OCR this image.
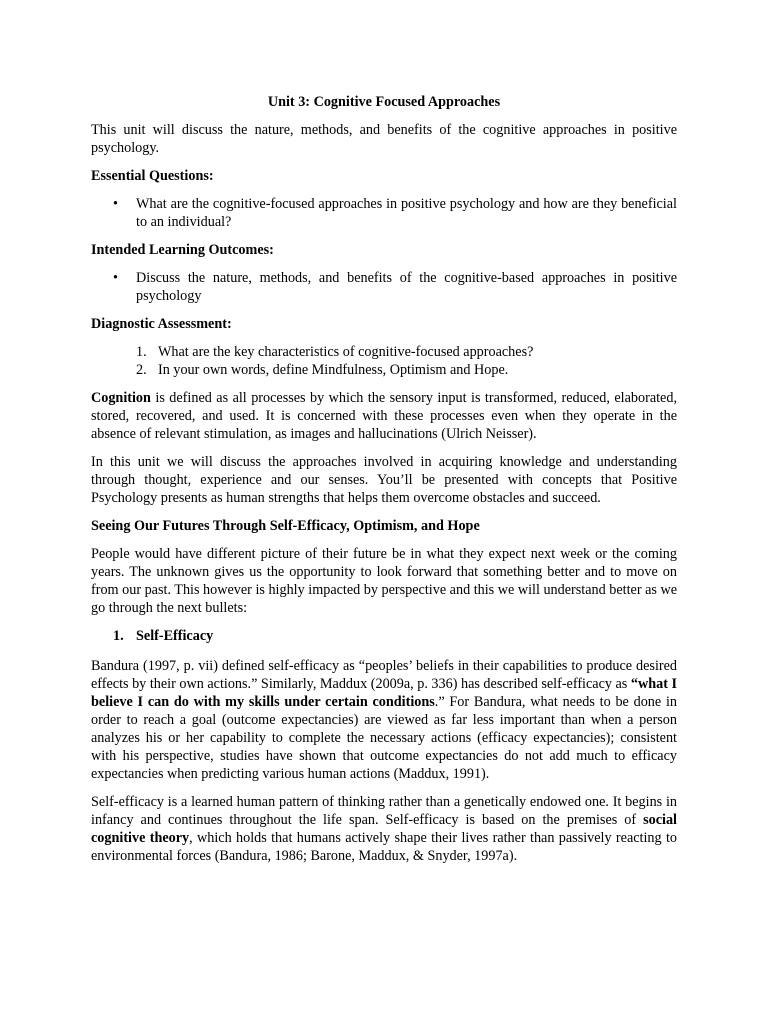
Unit 3: Cognitive Focused Approaches

This unit will discuss the nature, methods, and benefits of the cognitive approaches in positive psychology.

Essential Questions:
• What are the cognitive-focused approaches in positive psychology and how are they beneficial to an individual?
Intended Learning Outcomes:
• Discuss the nature, methods, and benefits of the cognitive-based approaches in positive psychology
Diagnostic Assessment:
1. What are the key characteristics of cognitive-focused approaches?
2. In your own words, define Mindfulness, Optimism and Hope.

Cognition is defined as all processes by which the sensory input is transformed, reduced, elaborated, stored, recovered, and used. It is concerned with these processes even when they operate in the absence of relevant stimulation, as images and hallucinations (Ulrich Neisser).

In this unit we will discuss the approaches involved in acquiring knowledge and understanding through thought, experience and our senses. You’ll be presented with concepts that Positive Psychology presents as human strengths that helps them overcome obstacles and succeed.

Seeing Our Futures Through Self-Efficacy, Optimism, and Hope

People would have different picture of their future be in what they expect next week or the coming years. The unknown gives us the opportunity to look forward that something better and to move on from our past. This however is highly impacted by perspective and this we will understand better as we go through the next bullets:

1. Self-Efficacy

Bandura (1997, p. vii) defined self-efficacy as “peoples’ beliefs in their capabilities to produce desired effects by their own actions.” Similarly, Maddux (2009a, p. 336) has described self-efficacy as “what I believe I can do with my skills under certain conditions.” For Bandura, what needs to be done in order to reach a goal (outcome expectancies) are viewed as far less important than when a person analyzes his or her capability to complete the necessary actions (efficacy expectancies); consistent with his perspective, studies have shown that outcome expectancies do not add much to efficacy expectancies when predicting various human actions (Maddux, 1991).

Self-efficacy is a learned human pattern of thinking rather than a genetically endowed one. It begins in infancy and continues throughout the life span. Self-efficacy is based on the premises of social cognitive theory, which holds that humans actively shape their lives rather than passively reacting to environmental forces (Bandura, 1986; Barone, Maddux, & Snyder, 1997a).
